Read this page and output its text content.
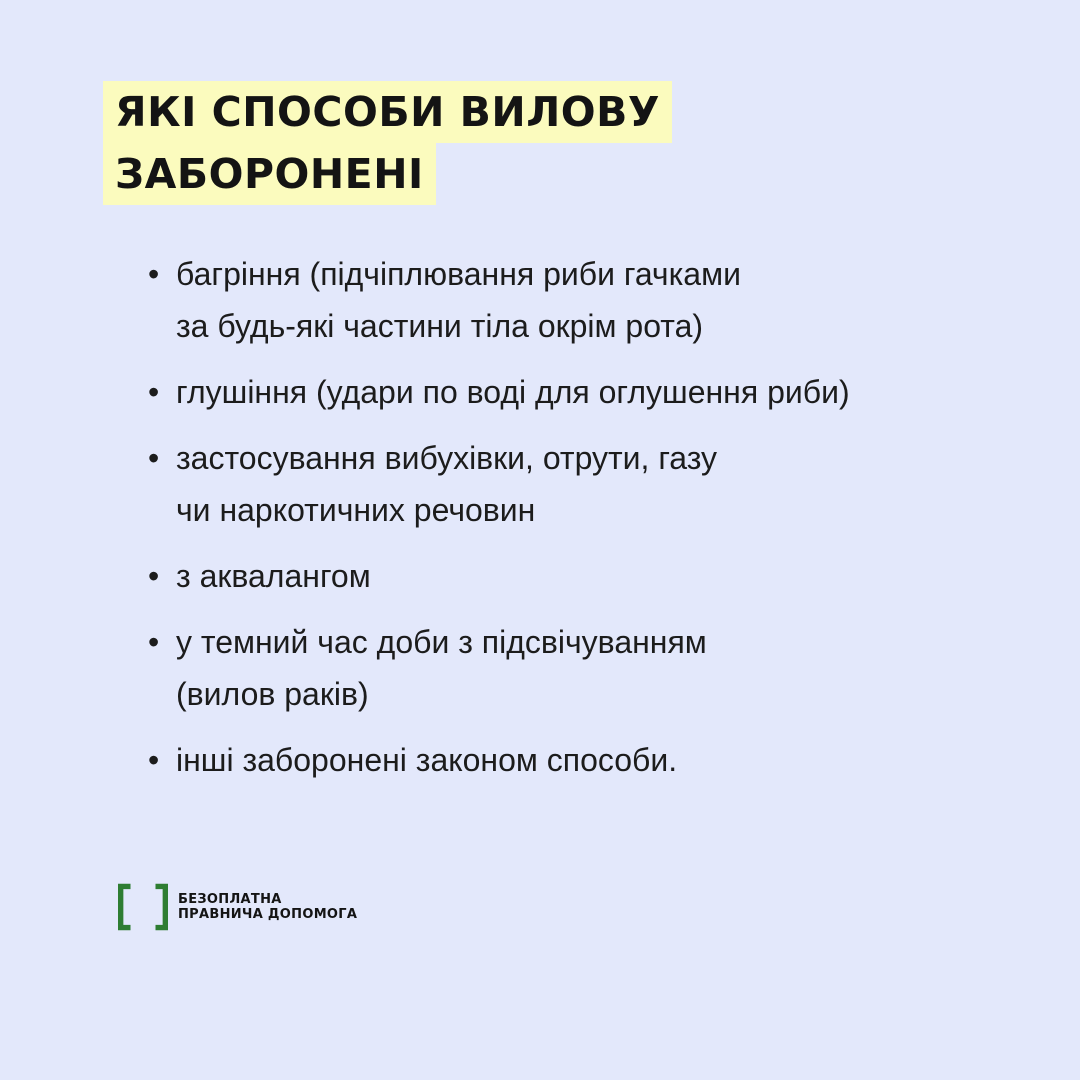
ЯКІ СПОСОБИ ВИЛОВУ
ЗАБОРОНЕНІ
• багріння (підчіплювання риби гачками
за будь-які частини тіла окрім рота)
• глушіння (удари по воді для оглушення риби)
• застосування вибухівки, отрути, газу
чи наркотичних речовин
• з аквалангом
• у темний час доби з підсвічуванням
(вилов раків)
• інші заборонені законом способи.
БЕЗОПЛАТНА
ПРАВНИЧА ДОПОМОГА
